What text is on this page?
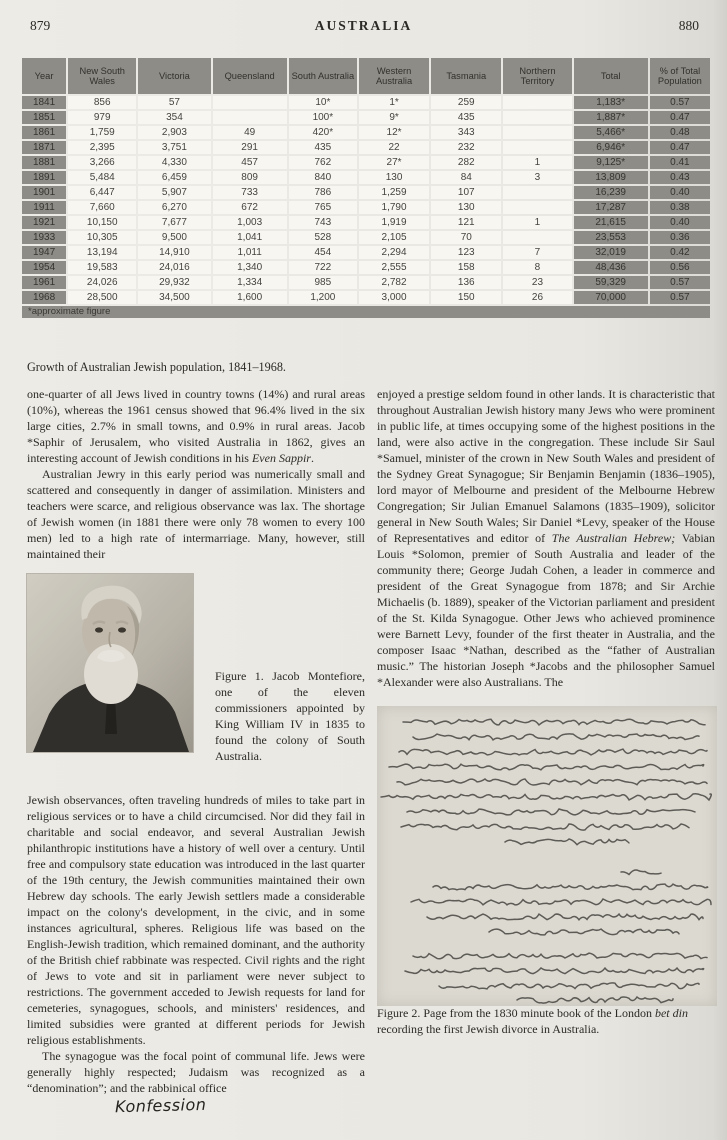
879	AUSTRALIA	880
Year	New South Wales	Victoria	Queensland	South Australia	Western Australia	Tasmania	Northern Territory	Total	% of Total Population
1841	856	57		10*	1*	259		1,183*	0.57
1851	979	354		100*	9*	435		1,887*	0.47
1861	1,759	2,903	49	420*	12*	343		5,466*	0.48
1871	2,395	3,751	291	435	22	232		6,946*	0.47
1881	3,266	4,330	457	762	27*	282	1	9,125*	0.41
1891	5,484	6,459	809	840	130	84	3	13,809	0.43
1901	6,447	5,907	733	786	1,259	107		16,239	0.40
1911	7,660	6,270	672	765	1,790	130		17,287	0.38
1921	10,150	7,677	1,003	743	1,919	121	1	21,615	0.40
1933	10,305	9,500	1,041	528	2,105	70		23,553	0.36
1947	13,194	14,910	1,011	454	2,294	123	7	32,019	0.42
1954	19,583	24,016	1,340	722	2,555	158	8	48,436	0.56
1961	24,026	29,932	1,334	985	2,782	136	23	59,329	0.57
1968	28,500	34,500	1,600	1,200	3,000	150	26	70,000	0.57
*approximate figure									
Growth of Australian Jewish population, 1841–1968.

one-quarter of all Jews lived in country towns (14%) and rural areas (10%), whereas the 1961 census showed that 96.4% lived in the six large cities, 2.7% in small towns, and 0.9% in rural areas. Jacob *Saphir of Jerusalem, who visited Australia in 1862, gives an interesting account of Jewish conditions in his Even Sappir.

Australian Jewry in this early period was numerically small and scattered and consequently in danger of assimilation. Ministers and teachers were scarce, and religious observance was lax. The shortage of Jewish women (in 1881 there were only 78 women to every 100 men) led to a high rate of intermarriage. Many, however, still maintained their

Figure 1. Jacob Montefiore, one of the eleven commissioners appointed by King William IV in 1835 to found the colony of South Australia.

Jewish observances, often traveling hundreds of miles to take part in religious services or to have a child circumcised. Nor did they fail in charitable and social endeavor, and several Australian Jewish philanthropic institutions have a history of well over a century. Until free and compulsory state education was introduced in the last quarter of the 19th century, the Jewish communities maintained their own Hebrew day schools. The early Jewish settlers made a considerable impact on the colony's development, in the civic, and in some instances agricultural, spheres. Religious life was based on the English-Jewish tradition, which remained dominant, and the authority of the British chief rabbinate was respected. Civil rights and the right of Jews to vote and sit in parliament were never subject to restrictions. The government acceded to Jewish requests for land for cemeteries, synagogues, schools, and ministers' residences, and limited subsidies were granted at different periods for Jewish religious establishments.

The synagogue was the focal point of communal life. Jews were generally highly respected; Judaism was recognized as a “denomination”; and the rabbinical office

Konfession

enjoyed a prestige seldom found in other lands. It is characteristic that throughout Australian Jewish history many Jews who were prominent in public life, at times occupying some of the highest positions in the land, were also active in the congregation. These include Sir Saul *Samuel, minister of the crown in New South Wales and president of the Sydney Great Synagogue; Sir Benjamin Benjamin (1836–1905), lord mayor of Melbourne and president of the Melbourne Hebrew Congregation; Sir Julian Emanuel Salamons (1835–1909), solicitor general in New South Wales; Sir Daniel *Levy, speaker of the House of Representatives and editor of The Australian Hebrew; Vabian Louis *Solomon, premier of South Australia and leader of the community there; George Judah Cohen, a leader in commerce and president of the Great Synagogue from 1878; and Sir Archie Michaelis (b. 1889), speaker of the Victorian parliament and president of the St. Kilda Synagogue. Other Jews who achieved prominence were Barnett Levy, founder of the first theater in Australia, and the composer Isaac *Nathan, described as the “father of Australian music.” The historian Joseph *Jacobs and the philosopher Samuel *Alexander were also Australians. The

Figure 2. Page from the 1830 minute book of the London bet din recording the first Jewish divorce in Australia.
